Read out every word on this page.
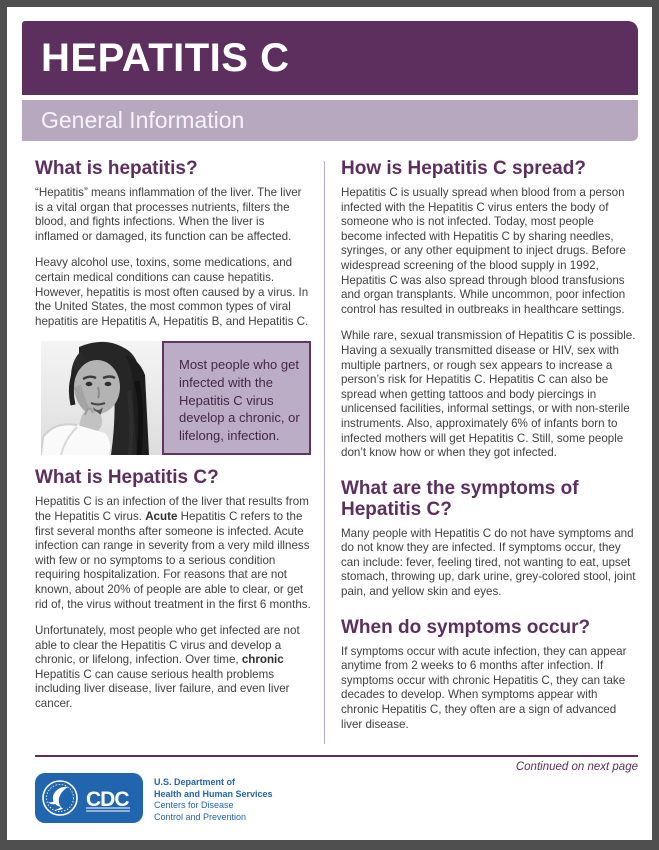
HEPATITIS C
General Information
What is hepatitis?

“Hepatitis” means inflammation of the liver. The liver is a vital organ that processes nutrients, filters the blood, and fights infections. When the liver is inflamed or damaged, its function can be affected.

Heavy alcohol use, toxins, some medications, and certain medical conditions can cause hepatitis. However, hepatitis is most often caused by a virus. In the United States, the most common types of viral hepatitis are Hepatitis A, Hepatitis B, and Hepatitis C.

Most people who get infected with the Hepatitis C virus develop a chronic, or lifelong, infection.
What is Hepatitis C?

Hepatitis C is an infection of the liver that results from the Hepatitis C virus. Acute Hepatitis C refers to the first several months after someone is infected. Acute infection can range in severity from a very mild illness with few or no symptoms to a serious condition requiring hospitalization. For reasons that are not known, about 20% of people are able to clear, or get rid of, the virus without treatment in the first 6 months.

Unfortunately, most people who get infected are not able to clear the Hepatitis C virus and develop a chronic, or lifelong, infection. Over time, chronic Hepatitis C can cause serious health problems including liver disease, liver failure, and even liver cancer.

How is Hepatitis C spread?

Hepatitis C is usually spread when blood from a person infected with the Hepatitis C virus enters the body of someone who is not infected. Today, most people become infected with Hepatitis C by sharing needles, syringes, or any other equipment to inject drugs. Before widespread screening of the blood supply in 1992, Hepatitis C was also spread through blood transfusions and organ transplants. While uncommon, poor infection control has resulted in outbreaks in healthcare settings.

While rare, sexual transmission of Hepatitis C is possible. Having a sexually transmitted disease or HIV, sex with multiple partners, or rough sex appears to increase a person’s risk for Hepatitis C. Hepatitis C can also be spread when getting tattoos and body piercings in unlicensed facilities, informal settings, or with non-sterile instruments. Also, approximately 6% of infants born to infected mothers will get Hepatitis C. Still, some people don’t know how or when they got infected.

What are the symptoms of Hepatitis C?

Many people with Hepatitis C do not have symptoms and do not know they are infected. If symptoms occur, they can include: fever, feeling tired, not wanting to eat, upset stomach, throwing up, dark urine, grey-colored stool, joint pain, and yellow skin and eyes.

When do symptoms occur?

If symptoms occur with acute infection, they can appear anytime from 2 weeks to 6 months after infection. If symptoms occur with chronic Hepatitis C, they can take decades to develop. When symptoms appear with chronic Hepatitis C, they often are a sign of advanced liver disease.

Continued on next page
CDC
U.S. Department of
Health and Human Services
Centers for Disease
Control and Prevention
